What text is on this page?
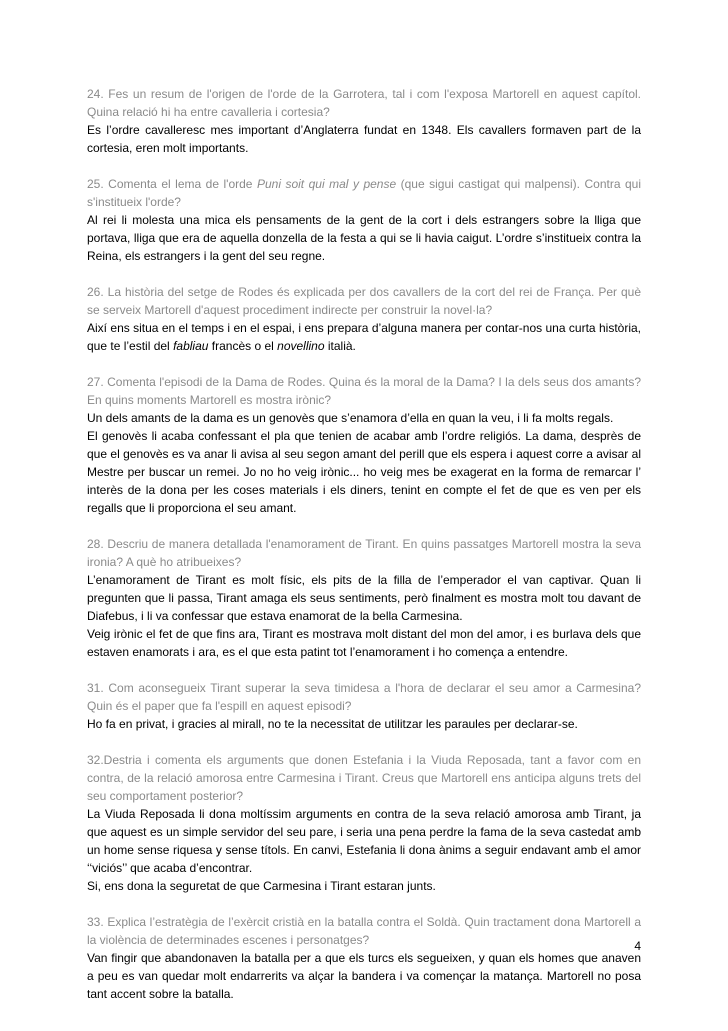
24. Fes un resum de l'origen de l'orde de la Garrotera, tal i com l'exposa Martorell en aquest capítol. Quina relació hi ha entre cavalleria i cortesia?

Es l’ordre cavalleresc mes important d’Anglaterra fundat en 1348. Els cavallers formaven part de la cortesia, eren molt importants.

25. Comenta el lema de l'orde Puni soit qui mal y pense (que sigui castigat qui malpensi). Contra qui s'instituеix l'orde?

Al rei li molesta una mica els pensaments de la gent de la cort i dels estrangers sobre la lliga que portava, lliga que era de aquella donzella de la festa a qui se li havia caigut. L’ordre s’instituеix contra la Reina, els estrangers i la gent del seu regne.

26. La història del setge de Rodes és explicada per dos cavallers de la cort del rei de França. Per què se serveix Martorell d'aquest procediment indirecte per construir la novel·la?

Així ens situa en el temps i en el espai, i ens prepara d’alguna manera per contar-nos una curta història, que te l’estil del fabliau francès o el novellino italià.

27. Comenta l'episodi de la Dama de Rodes. Quina és la moral de la Dama? I la dels seus dos amants? En quins moments Martorell es mostra irònic?

Un dels amants de la dama es un genovès que s’enamora d’ella en quan la veu, i li fa molts regals.

El genovès li acaba confessant el pla que tenien de acabar amb l’ordre religiós. La dama, desprès de que el genovès es va anar li avisa al seu segon amant del perill que els espera i aquest corre a avisar al Mestre per buscar un remei. Jo no ho veig irònic... ho veig mes be exagerat en la forma de remarcar l’ interès de la dona per les coses materials i els diners, tenint en compte el fet de que es ven per els regalls que li proporciona el seu amant.

28. Descriu de manera detallada l'enamorament de Tirant. En quins passatges Martorell mostra la seva ironia? A què ho atribueixes?

L’enamorament de Tirant es molt físic, els pits de la filla de l’emperador el van captivar. Quan li pregunten que li passa, Tirant amaga els seus sentiments, però finalment es mostra molt tou davant de Diafebus, i li va confessar que estava enamorat de la bella Carmesina.

Veig irònic el fet de que fins ara, Tirant es mostrava molt distant del mon del amor, i es burlava dels que estaven enamorats i ara, es el que esta patint tot l’enamorament i ho comença a entendre.

31. Com aconsegueix Tirant superar la seva timidesa a l'hora de declarar el seu amor a Carmesina? Quin és el paper que fa l'espill en aquest episodi?

Ho fa en privat, i gracies al mirall, no te la necessitat de utilitzar les paraules per declarar-se.

32.Destria i comenta els arguments que donen Estefania i la Viuda Reposada, tant a favor com en contra, de la relació amorosa entre Carmesina i Tirant. Creus que Martorell ens anticipa alguns trets del seu comportament posterior?

La Viuda Reposada li dona moltíssim arguments en contra de la seva relació amorosa amb Tirant, ja que aquest es un simple servidor del seu pare, i seria una pena perdre la fama de la seva castedat amb un home sense riquesa y sense títols. En canvi, Estefania li dona ànims a seguir endavant amb el amor ‘‘viciós’’ que acaba d’encontrar.

Si, ens dona la seguretat de que Carmesina i Tirant estaran junts.

33. Explica l’estratègia de l’exèrcit cristià en la batalla contra el Soldà. Quin tractament dona Martorell a la violència de determinades escenes i personatges?

Van fingir que abandonaven la batalla per a que els turcs els segueixen, y quan els homes que anaven a peu es van quedar molt endarrerits va alçar la bandera i va començar la matança. Martorell no posa tant accent sobre la batalla.

4
